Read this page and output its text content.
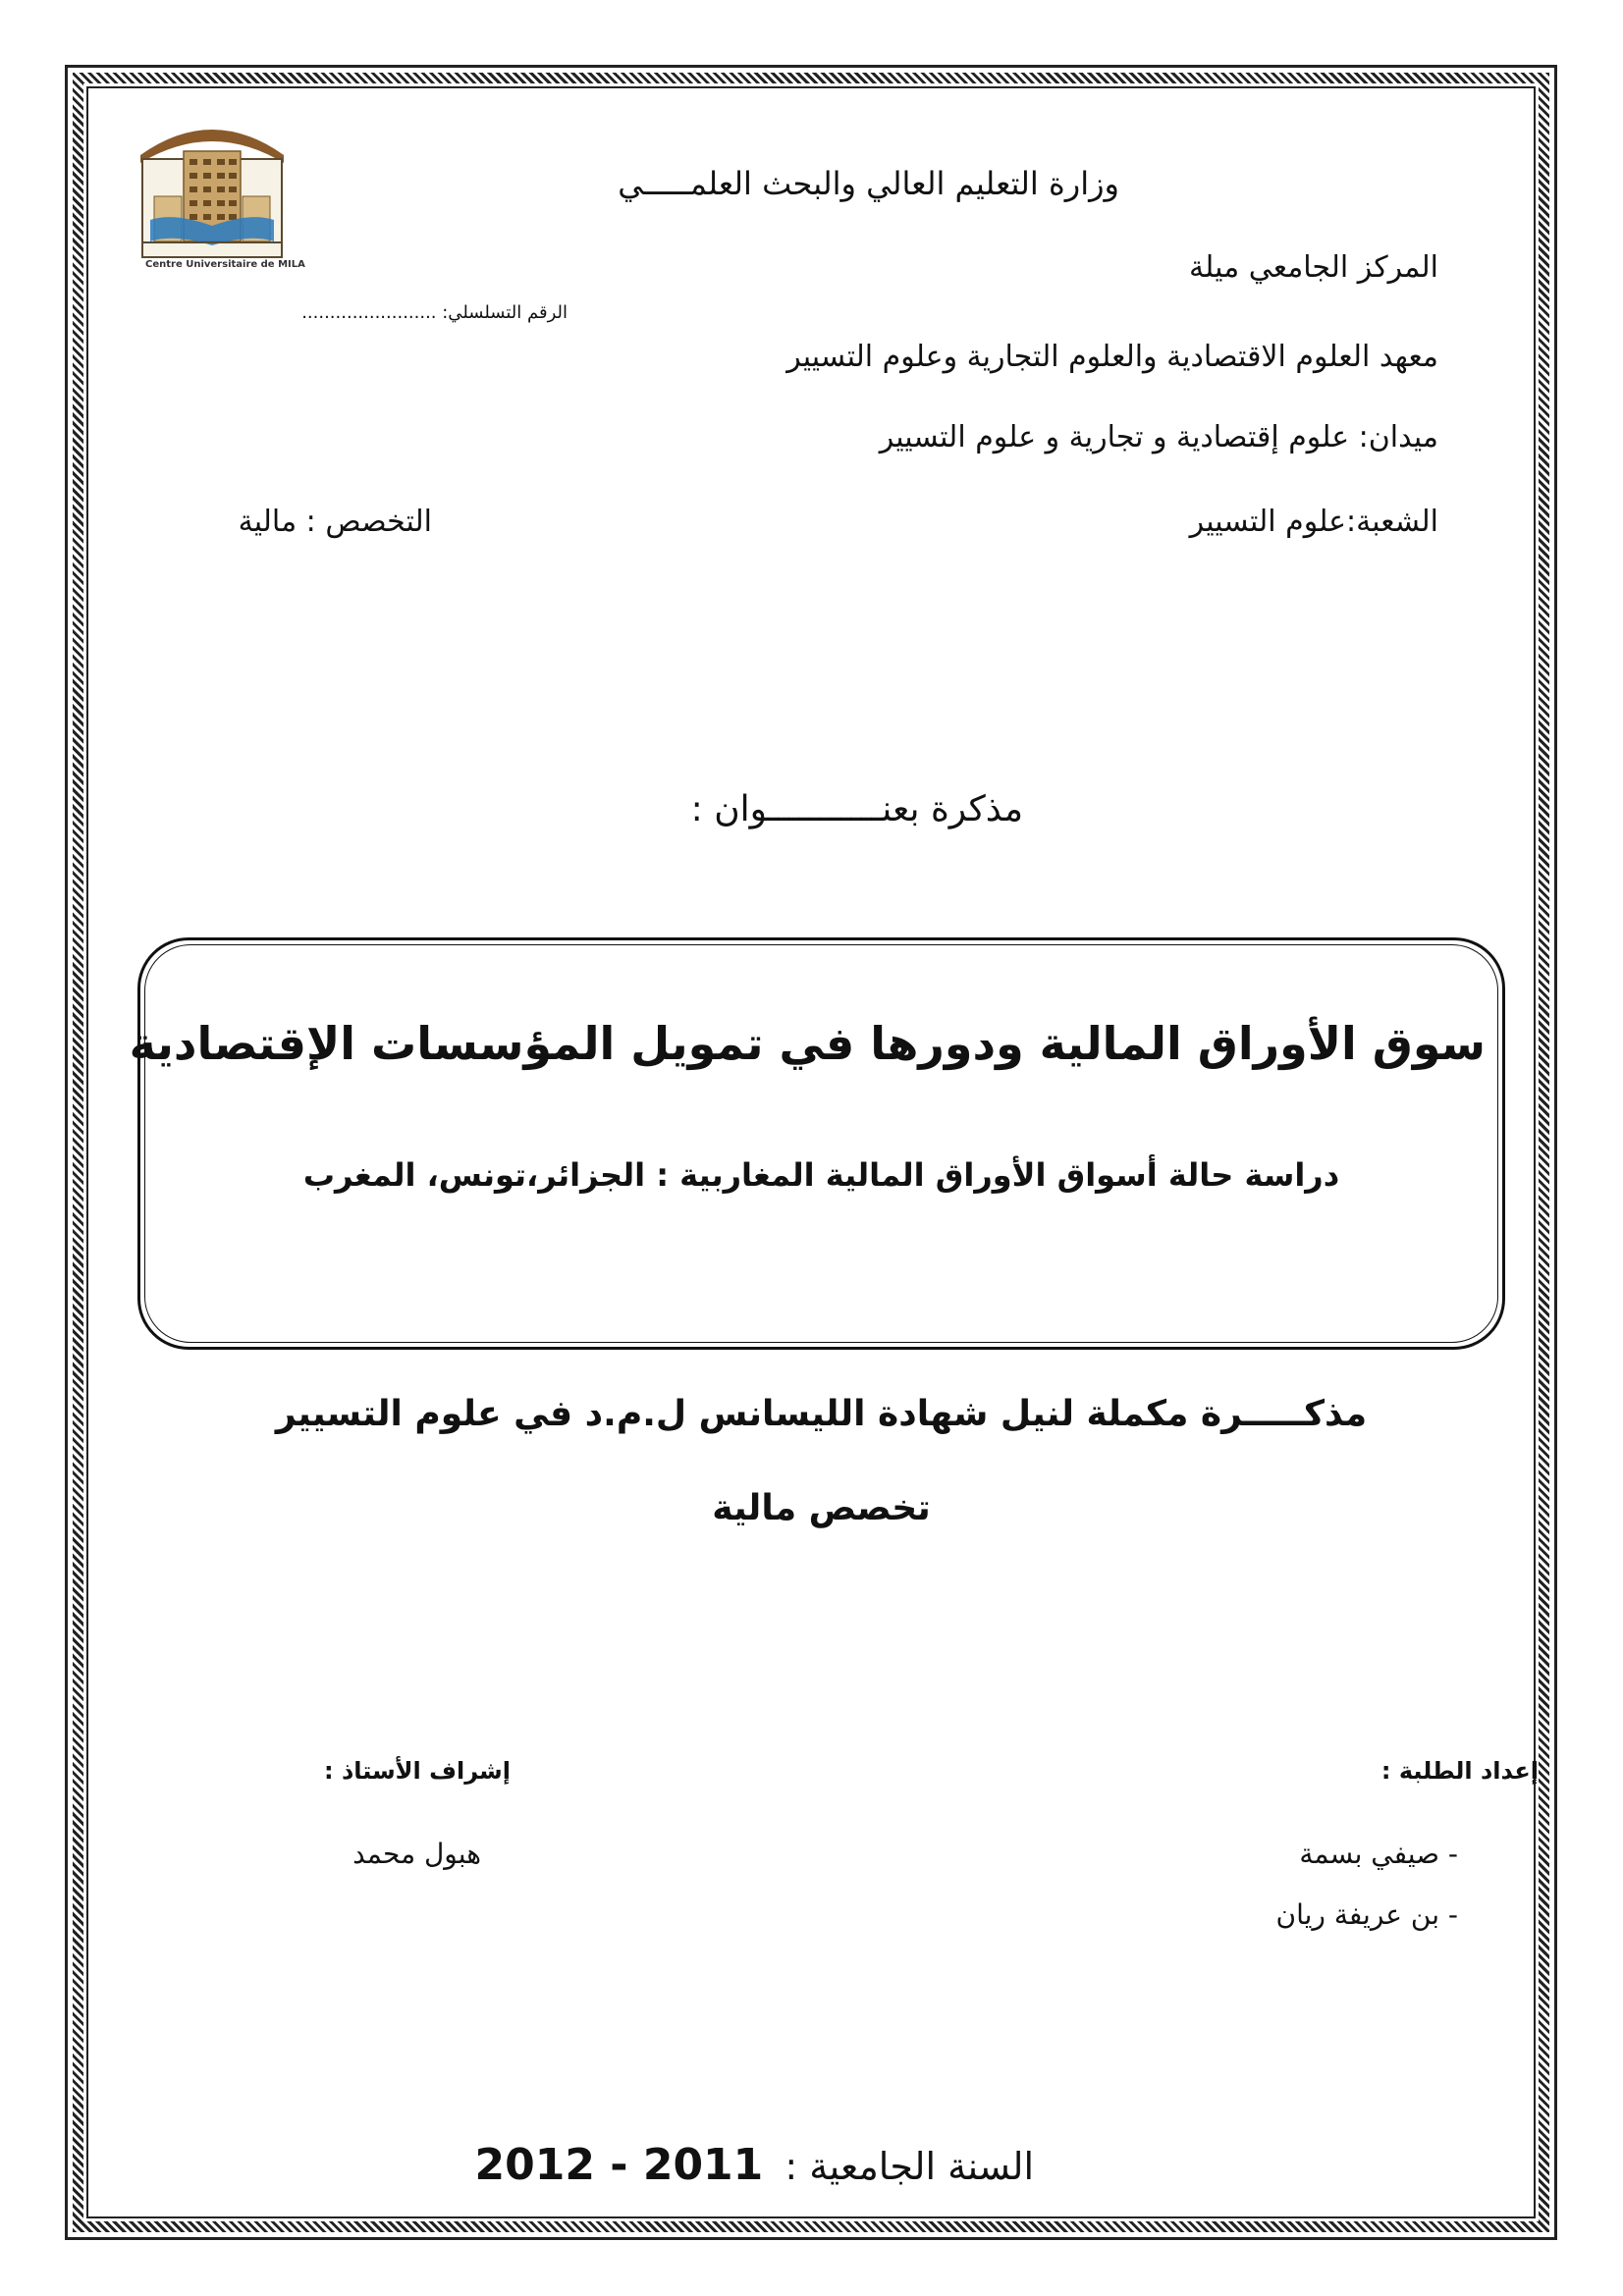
Centre Universitaire de MILA
وزارة التعليم العالي والبحث العلمـــــي
المركز الجامعي ميلة
الرقم التسلسلي: ........................
معهد العلوم الاقتصادية والعلوم التجارية وعلوم التسيير
ميدان: علوم إقتصادية و تجارية و علوم التسيير
الشعبة:علوم التسيير
التخصص : مالية
مذكرة بعنـــــــــــوان :
سوق الأوراق المالية ودورها في تمويل المؤسسات الإقتصادية
دراسة حالة أسواق الأوراق المالية المغاربية : الجزائر،تونس، المغرب
مذكـــــرة مكملة لنيل شهادة الليسانس ل.م.د في علوم التسيير
تخصص مالية
إعداد الطلبة :
- صيفي بسمة
- بن عريفة ريان
إشراف الأستاذ :
هبول محمد
السنة الجامعية : 2012 - 2011
